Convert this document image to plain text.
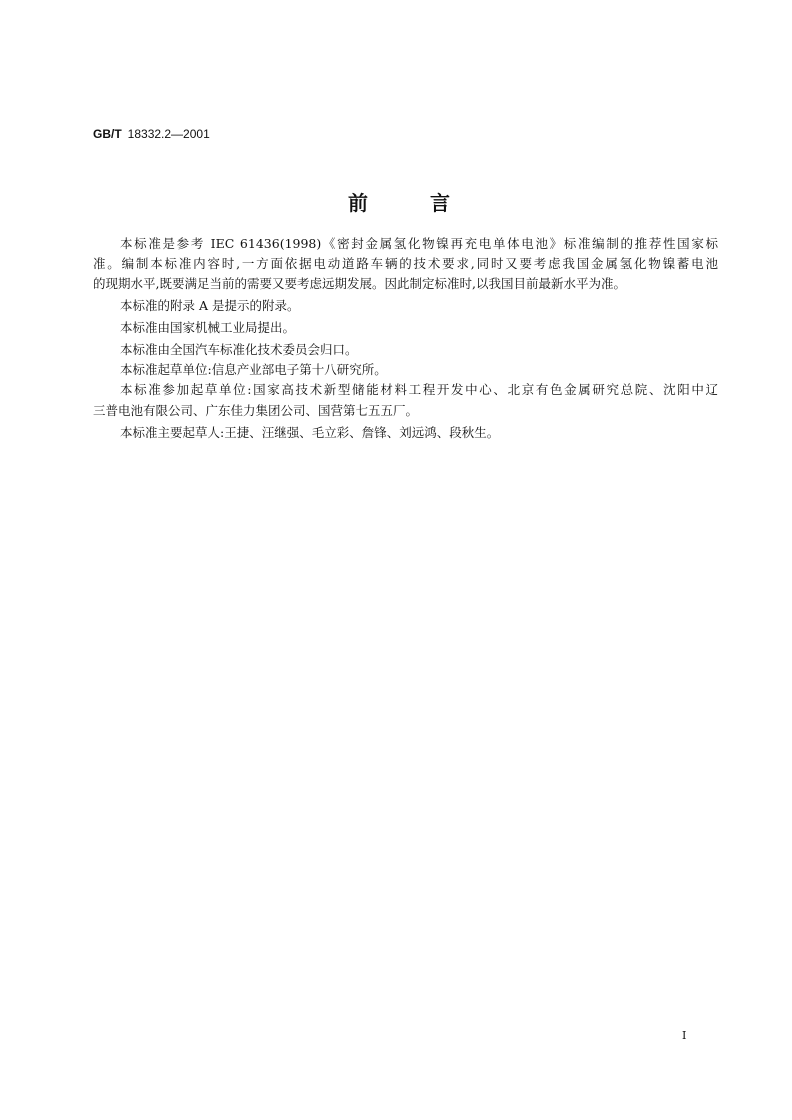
GB/T 18332.2—2001
前言
本标准是参考 IEC 61436(1998)《密封金属氢化物镍再充电单体电池》标准编制的推荐性国家标
准。编制本标准内容时,一方面依据电动道路车辆的技术要求,同时又要考虑我国金属氢化物镍蓄电池
的现期水平,既要满足当前的需要又要考虑远期发展。因此制定标准时,以我国目前最新水平为准。
本标准的附录 A 是提示的附录。
本标准由国家机械工业局提出。
本标准由全国汽车标准化技术委员会归口。
本标准起草单位:信息产业部电子第十八研究所。
本标准参加起草单位:国家高技术新型储能材料工程开发中心、北京有色金属研究总院、沈阳中辽
三普电池有限公司、广东佳力集团公司、国营第七五五厂。
本标准主要起草人:王捷、汪继强、毛立彩、詹锋、刘远鸿、段秋生。
I
